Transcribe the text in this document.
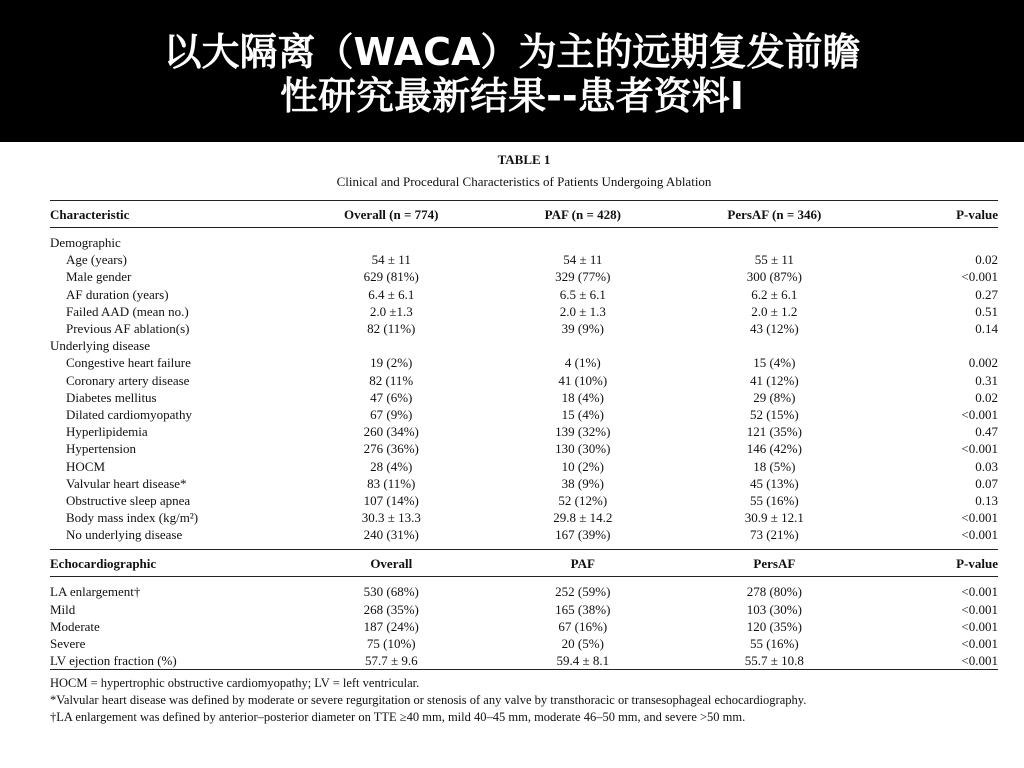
以大隔离（WACA）为主的远期复发前瞻
性研究最新结果--患者资料I
TABLE 1
Clinical and Procedural Characteristics of Patients Undergoing Ablation
Characteristic	Overall (n = 774)	PAF (n = 428)	PersAF (n = 346)	P-value

Demographic				
Age (years)	54 ± 11	54 ± 11	55 ± 11	0.02
Male gender	629 (81%)	329 (77%)	300 (87%)	<0.001
AF duration (years)	6.4 ± 6.1	6.5 ± 6.1	6.2 ± 6.1	0.27
Failed AAD (mean no.)	2.0 ±1.3	2.0 ± 1.3	2.0 ± 1.2	0.51
Previous AF ablation(s)	82 (11%)	39 (9%)	43 (12%)	0.14
Underlying disease				
Congestive heart failure	19 (2%)	4 (1%)	15 (4%)	0.002
Coronary artery disease	82 (11%	41 (10%)	41 (12%)	0.31
Diabetes mellitus	47 (6%)	18 (4%)	29 (8%)	0.02
Dilated cardiomyopathy	67 (9%)	15 (4%)	52 (15%)	<0.001
Hyperlipidemia	260 (34%)	139 (32%)	121 (35%)	0.47
Hypertension	276 (36%)	130 (30%)	146 (42%)	<0.001
HOCM	28 (4%)	10 (2%)	18 (5%)	0.03
Valvular heart disease*	83 (11%)	38 (9%)	45 (13%)	0.07
Obstructive sleep apnea	107 (14%)	52 (12%)	55 (16%)	0.13
Body mass index (kg/m²)	30.3 ± 13.3	29.8 ± 14.2	30.9 ± 12.1	<0.001
No underlying disease	240 (31%)	167 (39%)	73 (21%)	<0.001

Echocardiographic	Overall	PAF	PersAF	P-value

LA enlargement†	530 (68%)	252 (59%)	278 (80%)	<0.001
Mild	268 (35%)	165 (38%)	103 (30%)	<0.001
Moderate	187 (24%)	67 (16%)	120 (35%)	<0.001
Severe	75 (10%)	20 (5%)	55 (16%)	<0.001
LV ejection fraction (%)	57.7 ± 9.6	59.4 ± 8.1	55.7 ± 10.8	<0.001
HOCM = hypertrophic obstructive cardiomyopathy; LV = left ventricular.
*Valvular heart disease was defined by moderate or severe regurgitation or stenosis of any valve by transthoracic or transesophageal echocardiography.
†LA enlargement was defined by anterior–posterior diameter on TTE ≥40 mm, mild 40–45 mm, moderate 46–50 mm, and severe >50 mm.
